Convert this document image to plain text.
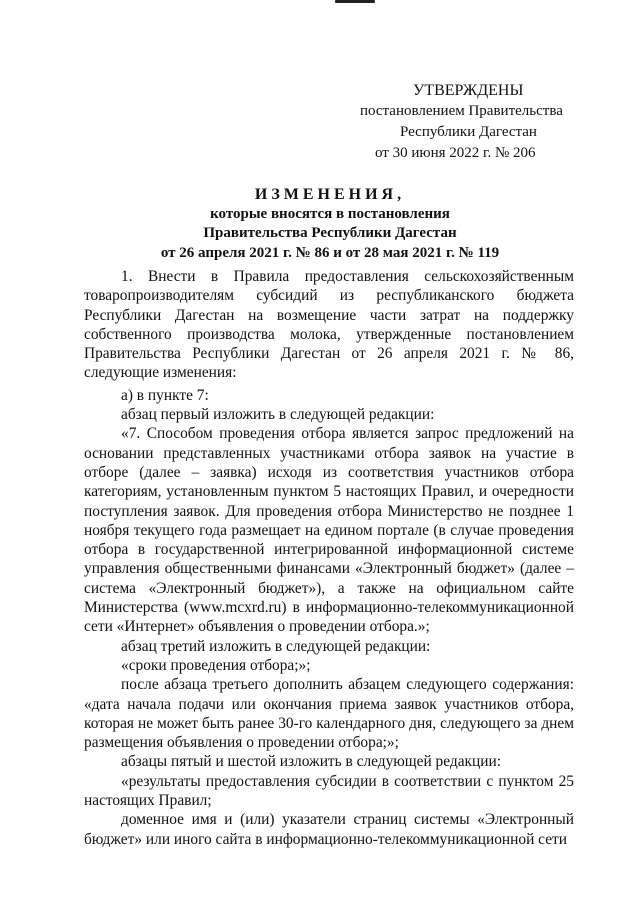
УТВЕРЖДЕНЫ
постановлением Правительства
Республики Дагестан
от 30 июня 2022 г. № 206
ИЗМЕНЕНИЯ,
которые вносятся в постановления
Правительства Республики Дагестан
от 26 апреля 2021 г. № 86 и от 28 мая 2021 г. № 119

1. Внести в Правила предоставления сельскохозяйственным товаропроизводителям субсидий из республиканского бюджета Республики Дагестан на возмещение части затрат на поддержку собственного производства молока, утвержденные постановлением Правительства Республики Дагестан от 26 апреля 2021 г. № 86, следующие изменения:

а) в пункте 7:

абзац первый изложить в следующей редакции:

«7. Способом проведения отбора является запрос предложений на основании представленных участниками отбора заявок на участие в отборе (далее – заявка) исходя из соответствия участников отбора категориям, установленным пунктом 5 настоящих Правил, и очередности поступления заявок. Для проведения отбора Министерство не позднее 1 ноября текущего года размещает на едином портале (в случае проведения отбора в государственной интегрированной информационной системе управления общественными финансами «Электронный бюджет» (далее – система «Электронный бюджет»), а также на официальном сайте Министерства (www.mcxrd.ru) в информационно-телекоммуникационной сети «Интернет» объявления о проведении отбора.»;

абзац третий изложить в следующей редакции:

«сроки проведения отбора;»;

после абзаца третьего дополнить абзацем следующего содержания: «дата начала подачи или окончания приема заявок участников отбора, которая не может быть ранее 30-го календарного дня, следующего за днем размещения объявления о проведении отбора;»;

абзацы пятый и шестой изложить в следующей редакции:

«результаты предоставления субсидии в соответствии с пунктом 25 настоящих Правил;

доменное имя и (или) указатели страниц системы «Электронный бюджет» или иного сайта в информационно-телекоммуникационной сети
